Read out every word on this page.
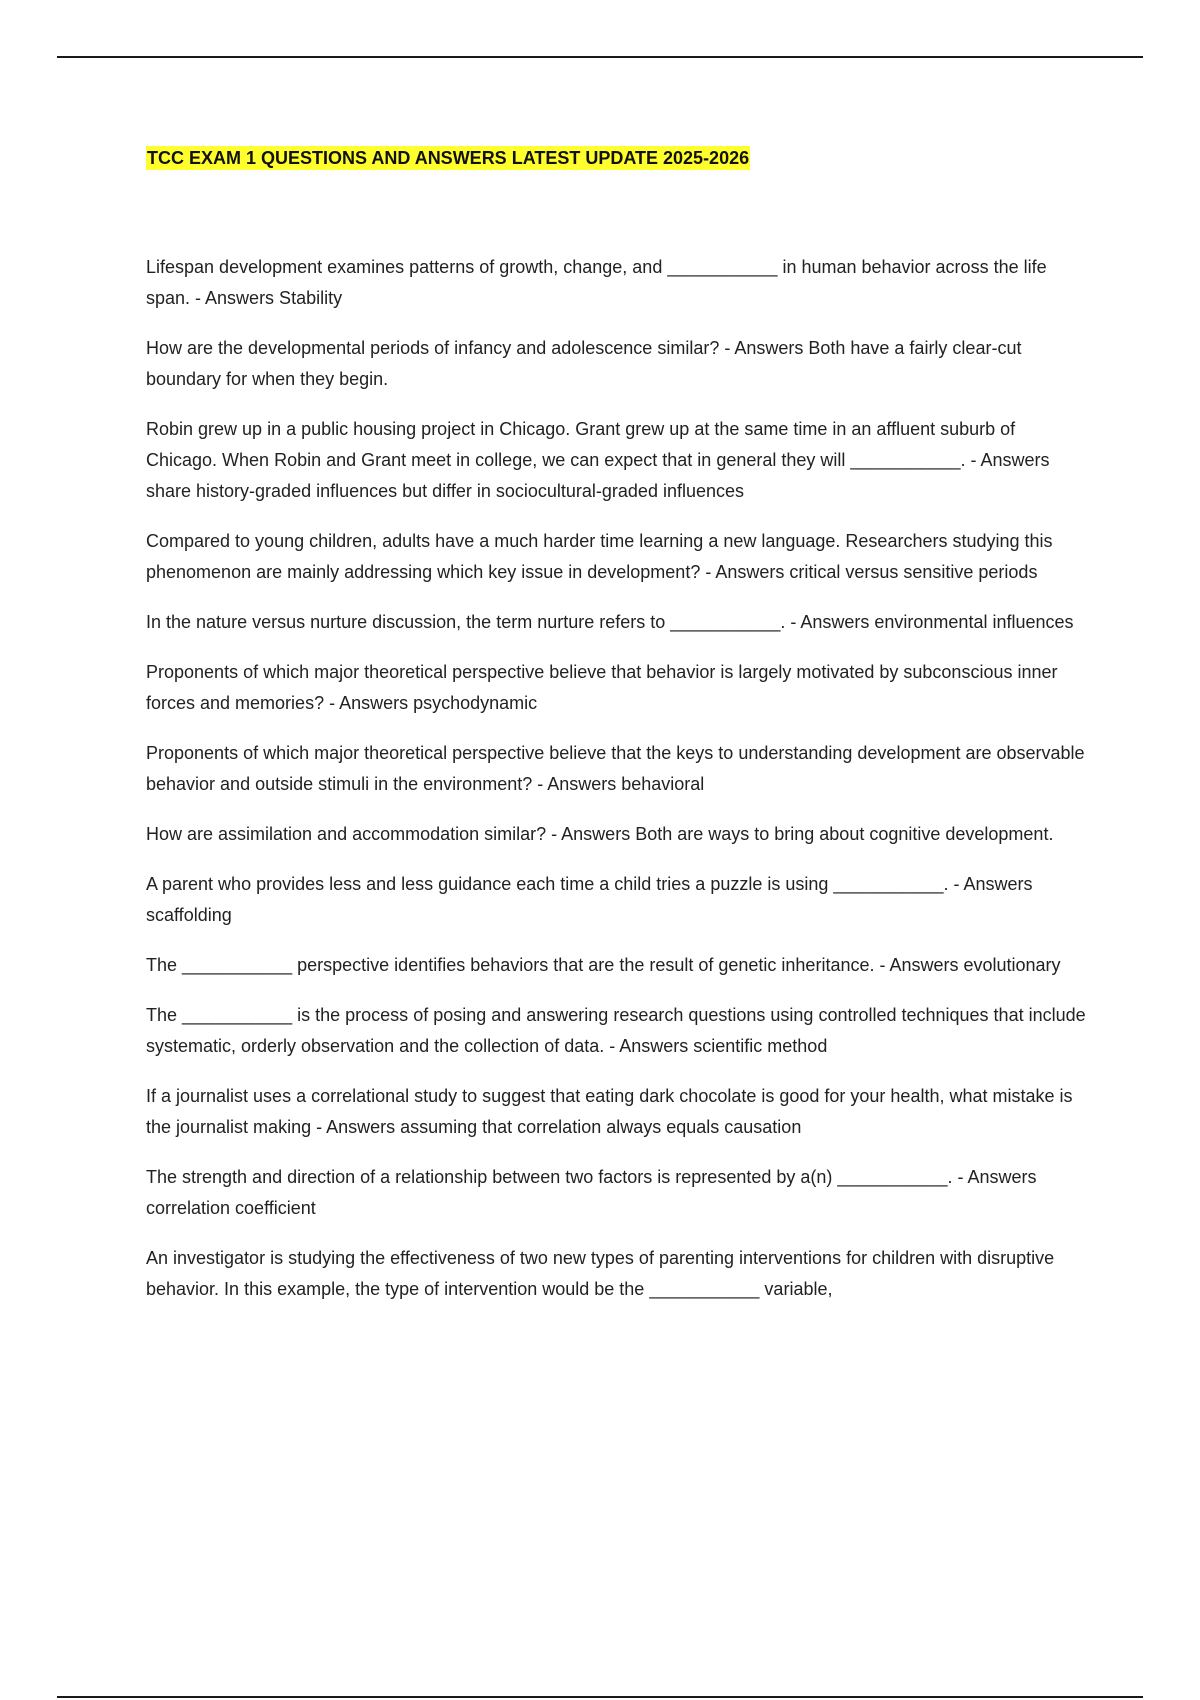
TCC EXAM 1 QUESTIONS AND ANSWERS LATEST UPDATE 2025-2026

Lifespan development examines patterns of growth, change, and ___________ in human behavior across the life span. - Answers Stability

How are the developmental periods of infancy and adolescence similar? - Answers Both have a fairly clear-cut boundary for when they begin.

Robin grew up in a public housing project in Chicago. Grant grew up at the same time in an affluent suburb of Chicago. When Robin and Grant meet in college, we can expect that in general they will ___________. - Answers share history-graded influences but differ in sociocultural-graded influences

Compared to young children, adults have a much harder time learning a new language. Researchers studying this phenomenon are mainly addressing which key issue in development? - Answers critical versus sensitive periods

In the nature versus nurture discussion, the term nurture refers to ___________. - Answers environmental influences

Proponents of which major theoretical perspective believe that behavior is largely motivated by subconscious inner forces and memories? - Answers psychodynamic

Proponents of which major theoretical perspective believe that the keys to understanding development are observable behavior and outside stimuli in the environment? - Answers behavioral

How are assimilation and accommodation similar? - Answers Both are ways to bring about cognitive development.

A parent who provides less and less guidance each time a child tries a puzzle is using ___________. - Answers scaffolding

The ___________ perspective identifies behaviors that are the result of genetic inheritance. - Answers evolutionary

The ___________ is the process of posing and answering research questions using controlled techniques that include systematic, orderly observation and the collection of data. - Answers scientific method

If a journalist uses a correlational study to suggest that eating dark chocolate is good for your health, what mistake is the journalist making - Answers assuming that correlation always equals causation

The strength and direction of a relationship between two factors is represented by a(n) ___________. - Answers correlation coefficient

An investigator is studying the effectiveness of two new types of parenting interventions for children with disruptive behavior. In this example, the type of intervention would be the ___________ variable,
